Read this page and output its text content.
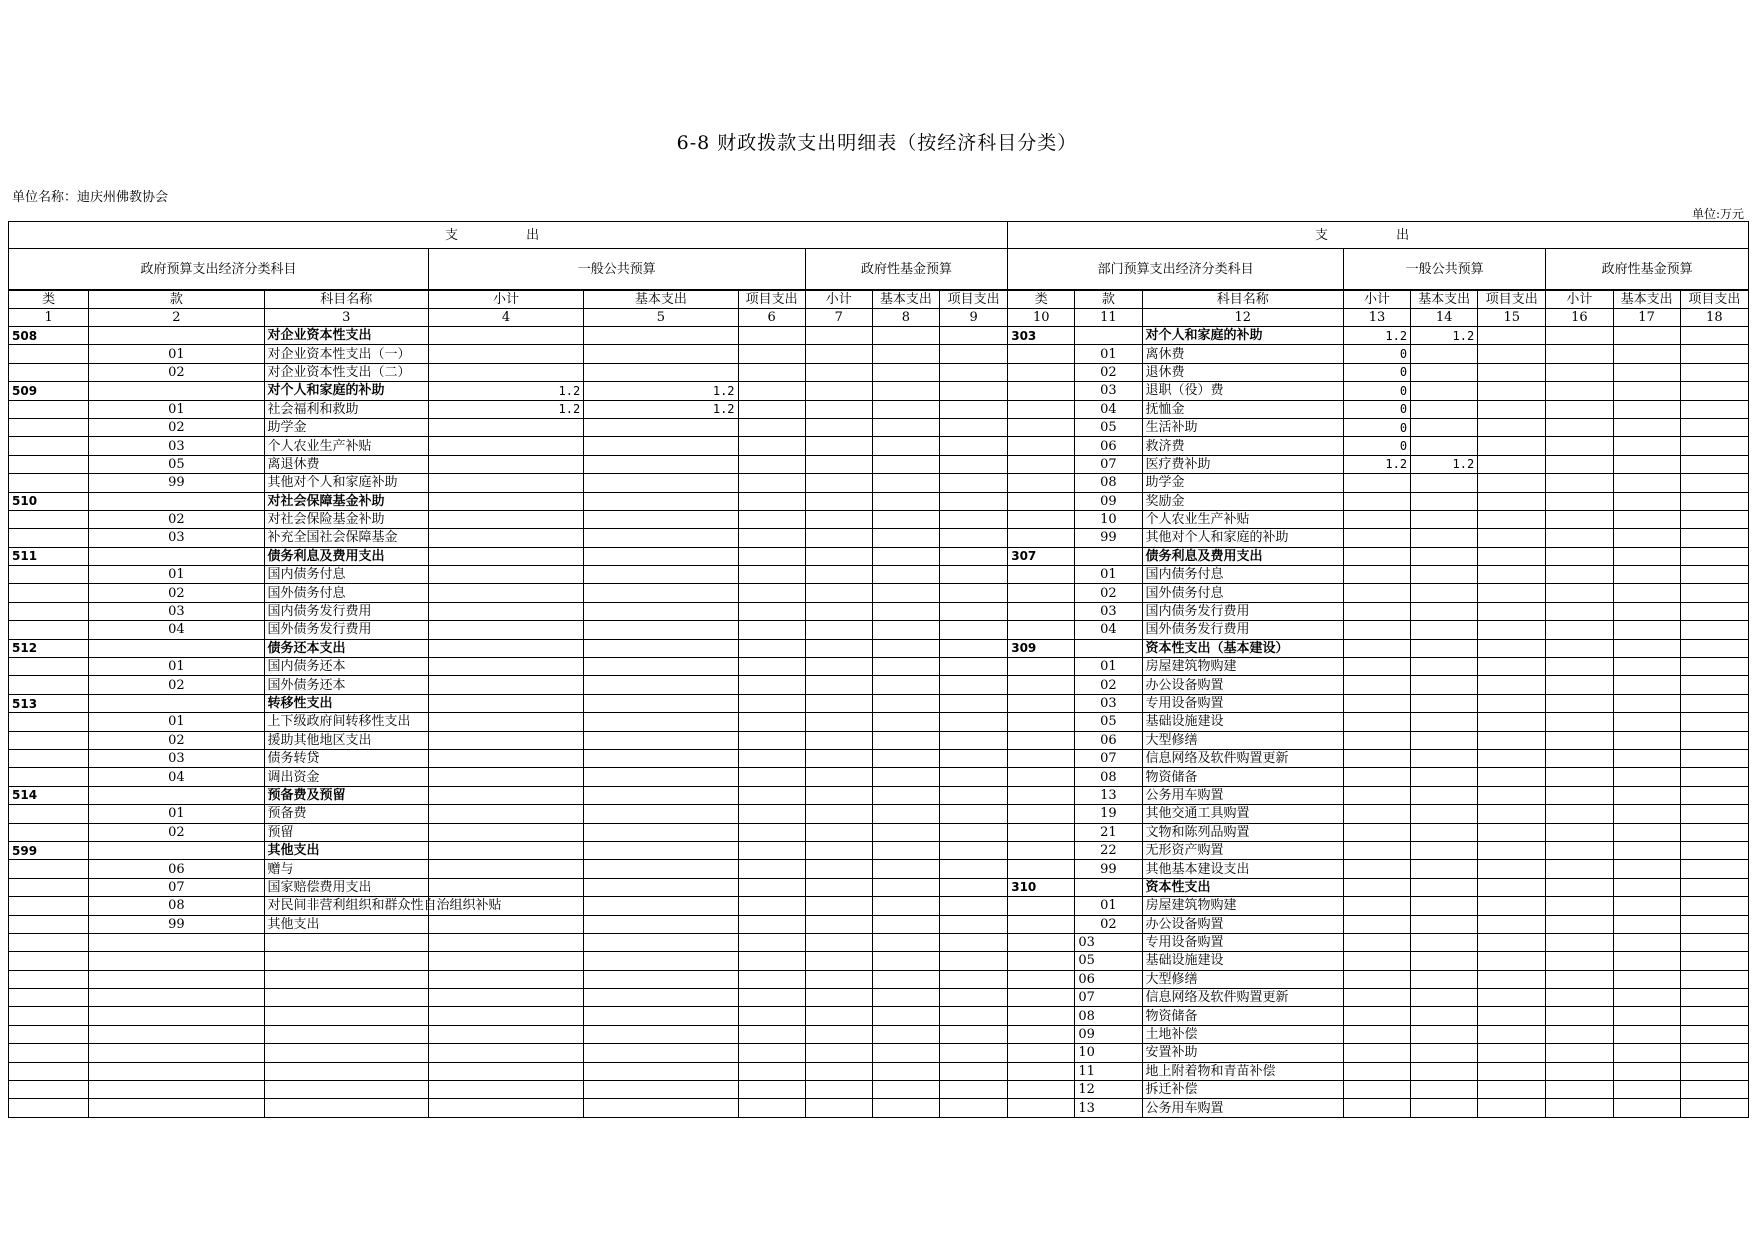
6-8 财政拨款支出明细表（按经济科目分类）
单位名称：迪庆州佛教协会
单位:万元
支 出									支 出								
政府预算支出经济分类科目			一般公共预算			政府性基金预算			部门预算支出经济分类科目			一般公共预算			政府性基金预算		
类	款	科目名称	小计	基本支出	项目支出	小计	基本支出	项目支出	类	款	科目名称	小计	基本支出	项目支出	小计	基本支出	项目支出
1	2	3	4	5	6	7	8	9	10	11	12	13	14	15	16	17	18
508		对企业资本性支出							303		对个人和家庭的补助	1.2	1.2				
	01	对企业资本性支出（一）								01	离休费	0					
	02	对企业资本性支出（二）								02	退休费	0					
509		对个人和家庭的补助	1.2	1.2						03	退职（役）费	0					
	01	社会福利和救助	1.2	1.2						04	抚恤金	0					
	02	助学金								05	生活补助	0					
	03	个人农业生产补贴								06	救济费	0					
	05	离退休费								07	医疗费补助	1.2	1.2				
	99	其他对个人和家庭补助								08	助学金						
510		对社会保障基金补助								09	奖励金						
	02	对社会保险基金补助								10	个人农业生产补贴						
	03	补充全国社会保障基金								99	其他对个人和家庭的补助						
511		债务利息及费用支出							307		债务利息及费用支出						
	01	国内债务付息								01	国内债务付息						
	02	国外债务付息								02	国外债务付息						
	03	国内债务发行费用								03	国内债务发行费用						
	04	国外债务发行费用								04	国外债务发行费用						
512		债务还本支出							309		资本性支出（基本建设）						
	01	国内债务还本								01	房屋建筑物购建						
	02	国外债务还本								02	办公设备购置						
513		转移性支出								03	专用设备购置						
	01	上下级政府间转移性支出								05	基础设施建设						
	02	援助其他地区支出								06	大型修缮						
	03	债务转贷								07	信息网络及软件购置更新						
	04	调出资金								08	物资储备						
514		预备费及预留								13	公务用车购置						
	01	预备费								19	其他交通工具购置						
	02	预留								21	文物和陈列品购置						
599		其他支出								22	无形资产购置						
	06	赠与								99	其他基本建设支出						
	07	国家赔偿费用支出							310		资本性支出						
	08	对民间非营利组织和群众性自治组织补贴								01	房屋建筑物购建						
	99	其他支出								02	办公设备购置						
										03	专用设备购置						
										05	基础设施建设						
										06	大型修缮						
										07	信息网络及软件购置更新						
										08	物资储备						
										09	土地补偿						
										10	安置补助						
										11	地上附着物和青苗补偿						
										12	拆迁补偿						
										13	公务用车购置						
